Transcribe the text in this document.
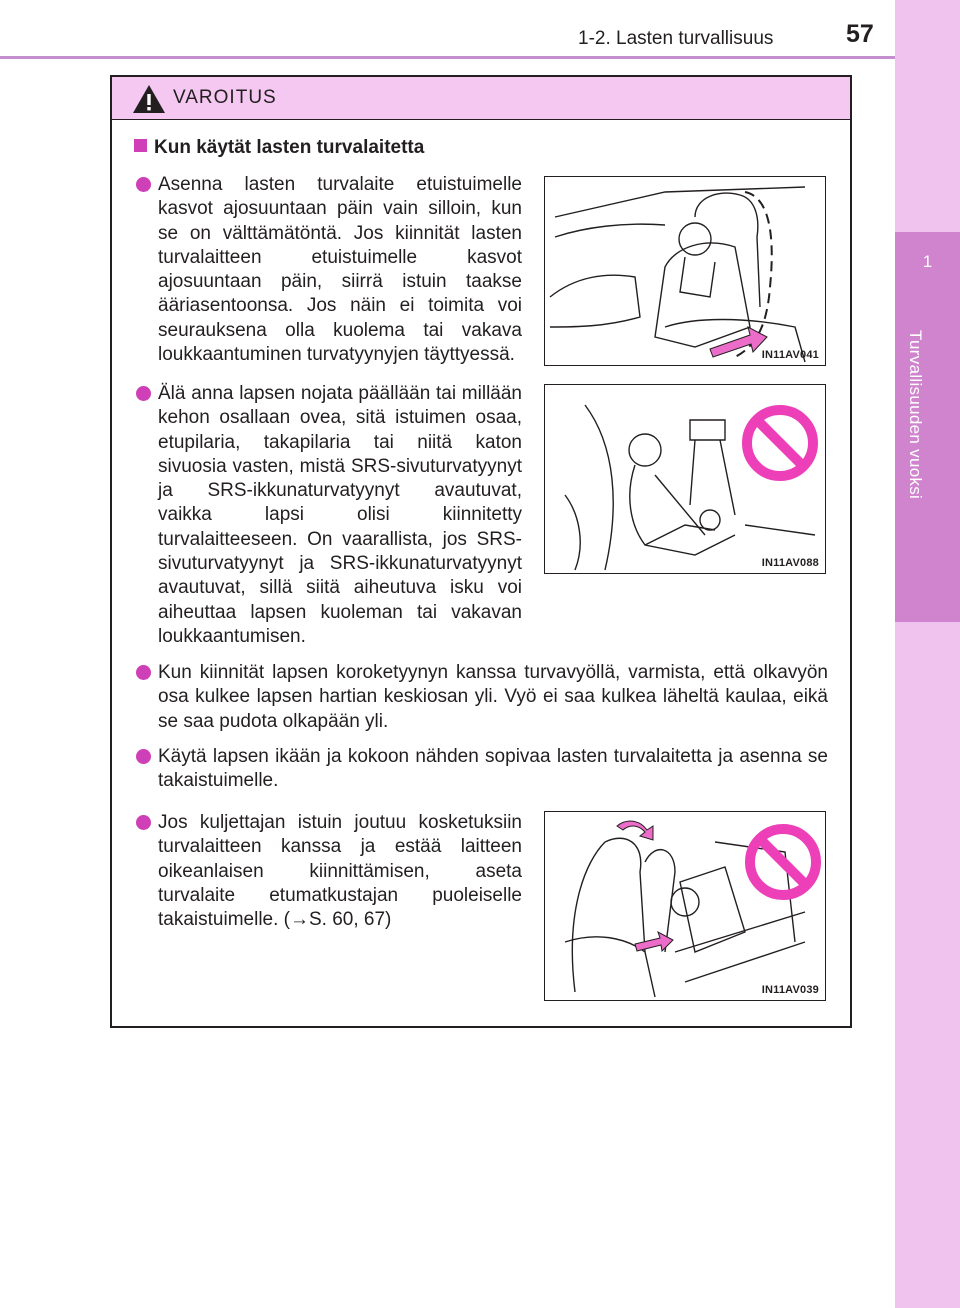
1-2. Lasten turvallisuus	57
1
Turvallisuuden vuoksi
VAROITUS
Kun käytät lasten turvalaitetta

Asenna lasten turvalaite etuistuimelle kasvot ajosuuntaan päin vain silloin, kun se on välttämätöntä. Jos kiinnität lasten turvalaitteen etuistuimelle kasvot ajosuuntaan päin, siirrä istuin taakse ääriasentoonsa. Jos näin ei toimita voi seurauksena olla kuolema tai vakava loukkaantuminen turvatyynyjen täyttyessä.

Älä anna lapsen nojata päällään tai millään kehon osallaan ovea, sitä istuimen osaa, etupilaria, takapilaria tai niitä katon sivuosia vasten, mistä SRS-sivuturvatyynyt ja SRS-ikkunaturvatyynyt avautuvat, vaikka lapsi olisi kiinnitetty turvalaitteeseen. On vaarallista, jos SRS-sivuturvatyynyt ja SRS-ikkunaturvatyynyt avautuvat, sillä siitä aiheutuva isku voi aiheuttaa lapsen kuoleman tai vakavan loukkaantumisen.

Kun kiinnität lapsen koroketyynyn kanssa turvavyöllä, varmista, että olkavyön osa kulkee lapsen hartian keskiosan yli. Vyö ei saa kulkea läheltä kaulaa, eikä se saa pudota olkapään yli.

Käytä lapsen ikään ja kokoon nähden sopivaa lasten turvalaitetta ja asenna se takaistuimelle.

Jos kuljettajan istuin joutuu kosketuksiin turvalaitteen kanssa ja estää laitteen oikeanlaisen kiinnittämisen, aseta turvalaite etumatkustajan puoleiselle takaistuimelle. (→S. 60, 67)

IN11AV041
IN11AV088
IN11AV039
